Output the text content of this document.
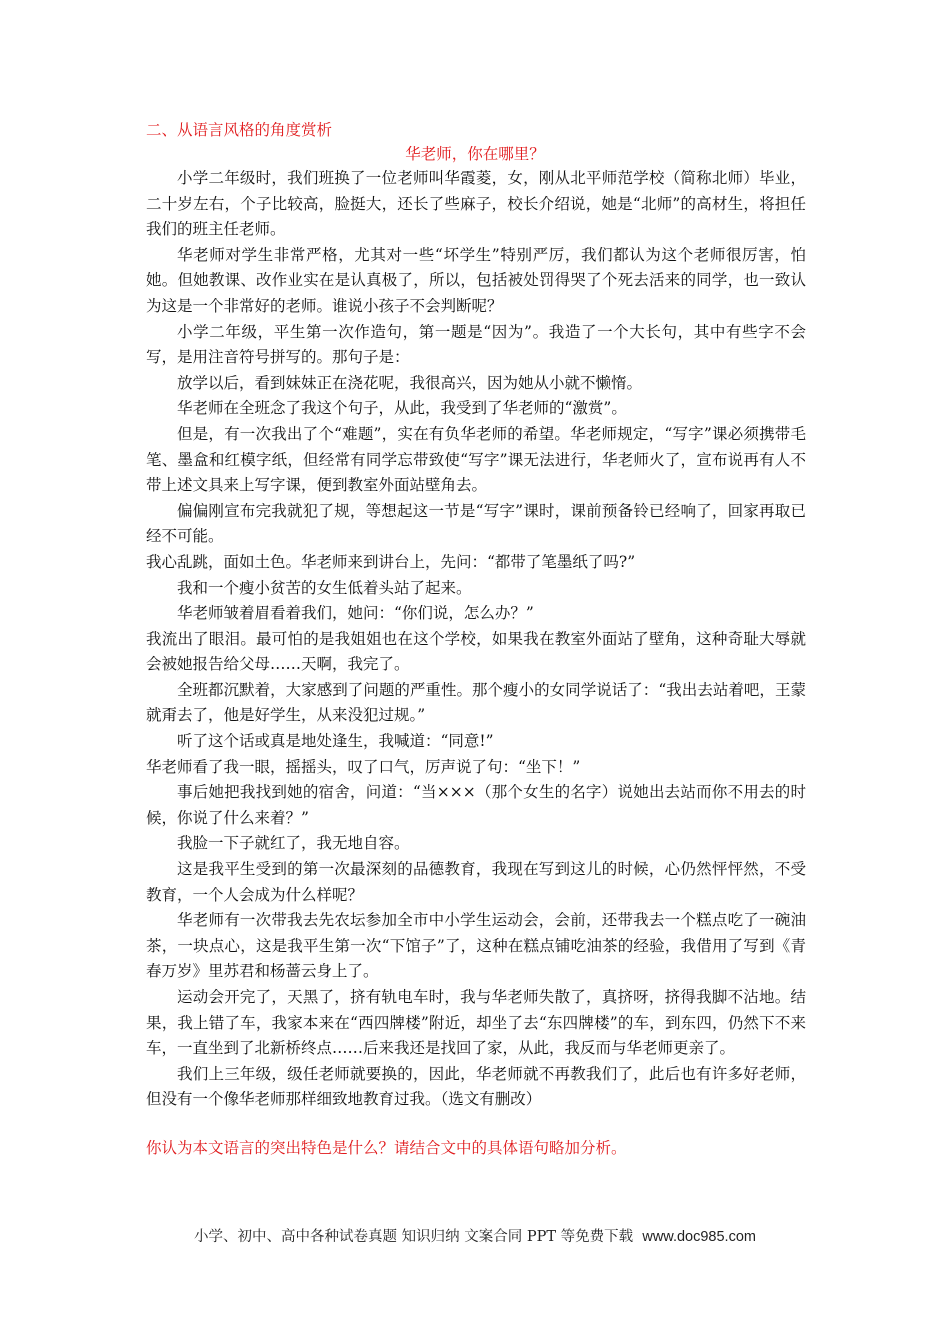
二、从语言风格的角度赏析

华老师，你在哪里？

小学二年级时，我们班换了一位老师叫华霞菱，女，刚从北平师范学校（简称北师）毕业，二十岁左右，个子比较高，脸挺大，还长了些麻子，校长介绍说，她是“北师”的高材生，将担任我们的班主任老师。

华老师对学生非常严格，尤其对一些“坏学生”特别严厉，我们都认为这个老师很厉害，怕她。但她教课、改作业实在是认真极了，所以，包括被处罚得哭了个死去活来的同学，也一致认为这是一个非常好的老师。谁说小孩子不会判断呢？

小学二年级，平生第一次作造句，第一题是“因为”。我造了一个大长句，其中有些字不会写，是用注音符号拼写的。那句子是：

放学以后，看到妹妹正在浇花呢，我很高兴，因为她从小就不懒惰。

华老师在全班念了我这个句子，从此，我受到了华老师的“激赏”。

但是，有一次我出了个“难题”，实在有负华老师的希望。华老师规定，“写字”课必须携带毛笔、墨盒和红模字纸，但经常有同学忘带致使“写字”课无法进行，华老师火了，宣布说再有人不带上述文具来上写字课，便到教室外面站壁角去。

偏偏刚宣布完我就犯了规，等想起这一节是“写字”课时，课前预备铃已经响了，回家再取已经不可能。

我心乱跳，面如土色。华老师来到讲台上，先问：“都带了笔墨纸了吗?”

我和一个瘦小贫苦的女生低着头站了起来。

华老师皱着眉看着我们，她问：“你们说，怎么办？”

我流出了眼泪。最可怕的是我姐姐也在这个学校，如果我在教室外面站了壁角，这种奇耻大辱就会被她报告给父母……天啊，我完了。

全班都沉默着，大家感到了问题的严重性。那个瘦小的女同学说话了：“我出去站着吧，王蒙就甭去了，他是好学生，从来没犯过规。”

听了这个话或真是地处逢生，我喊道：“同意!”

华老师看了我一眼，摇摇头，叹了口气，厉声说了句：“坐下！”

事后她把我找到她的宿舍，问道：“当×××（那个女生的名字）说她出去站而你不用去的时候，你说了什么来着？”

我脸一下子就红了，我无地自容。

这是我平生受到的第一次最深刻的品德教育，我现在写到这儿的时候，心仍然怦怦然，不受教育，一个人会成为什么样呢？

华老师有一次带我去先农坛参加全市中小学生运动会，会前，还带我去一个糕点吃了一碗油茶，一块点心，这是我平生第一次“下馆子”了，这种在糕点铺吃油茶的经验，我借用了写到《青春万岁》里苏君和杨蔷云身上了。

运动会开完了，天黑了，挤有轨电车时，我与华老师失散了，真挤呀，挤得我脚不沾地。结果，我上错了车，我家本来在“西四牌楼”附近，却坐了去“东四牌楼”的车，到东四，仍然下不来车，一直坐到了北新桥终点……后来我还是找回了家，从此，我反而与华老师更亲了。

我们上三年级，级任老师就要换的，因此，华老师就不再教我们了，此后也有许多好老师，但没有一个像华老师那样细致地教育过我。（选文有删改）

你认为本文语言的突出特色是什么？请结合文中的具体语句略加分析。

小学、初中、高中各种试卷真题 知识归纳 文案合同 PPT 等免费下载 www.doc985.com
